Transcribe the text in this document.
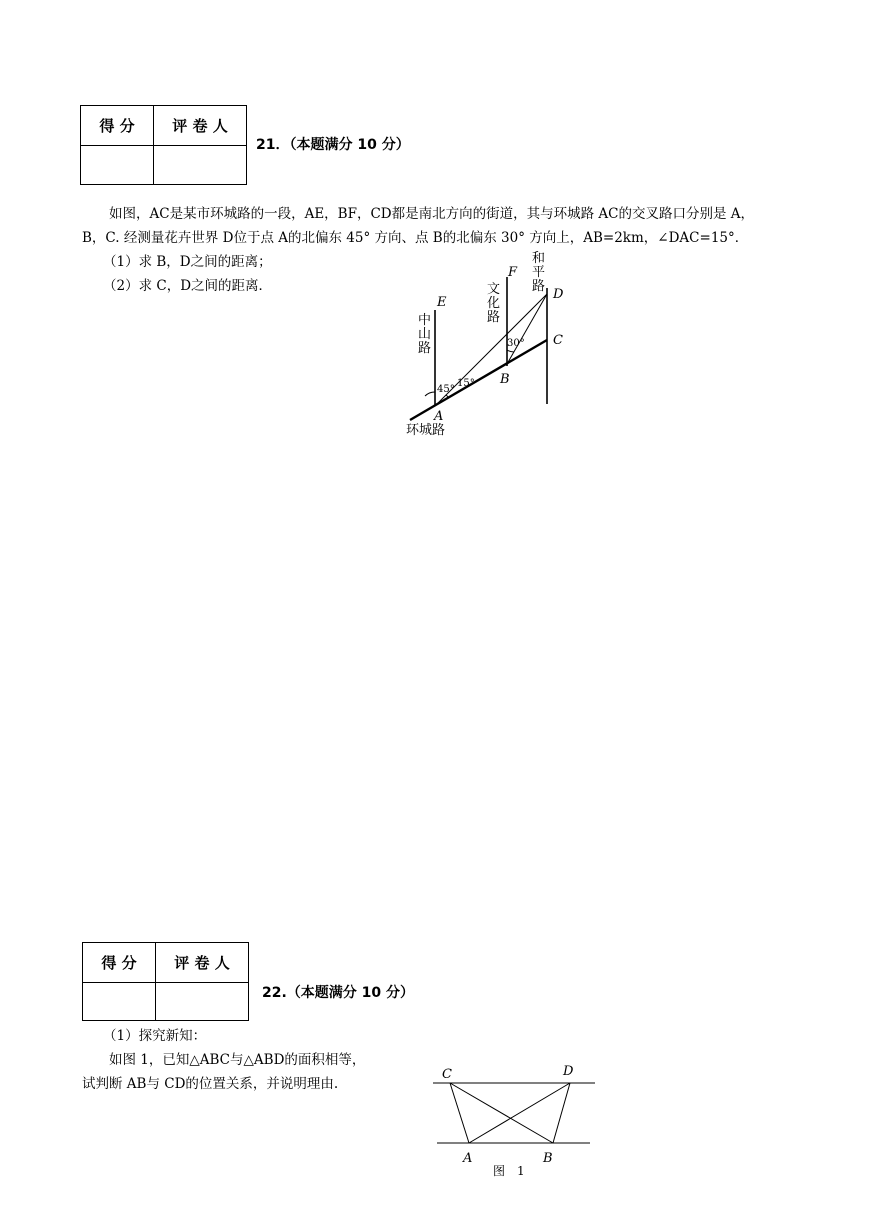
得 分	评 卷 人

21．（本题满分 10 分）
如图，AC是某市环城路的一段，AE，BF，CD都是南北方向的街道，其与环城路 AC的交叉路口分别是 A，
B，C. 经测量花卉世界 D位于点 A的北偏东 45° 方向、点 B的北偏东 30° 方向上，AB=2km，∠DAC=15°．
（1）求 B，D之间的距离；
（2）求 C，D之间的距离．
E
F
D
C
B
A
中
山
路
文
化
路
和
平
路
环城路
45°
15°
30°
得 分	评 卷 人

22.（本题满分 10 分）
（1）探究新知：
如图 1，已知△ABC与△ABD的面积相等，
试判断 AB与 CD的位置关系，并说明理由.
C	D
A	B
图　1
